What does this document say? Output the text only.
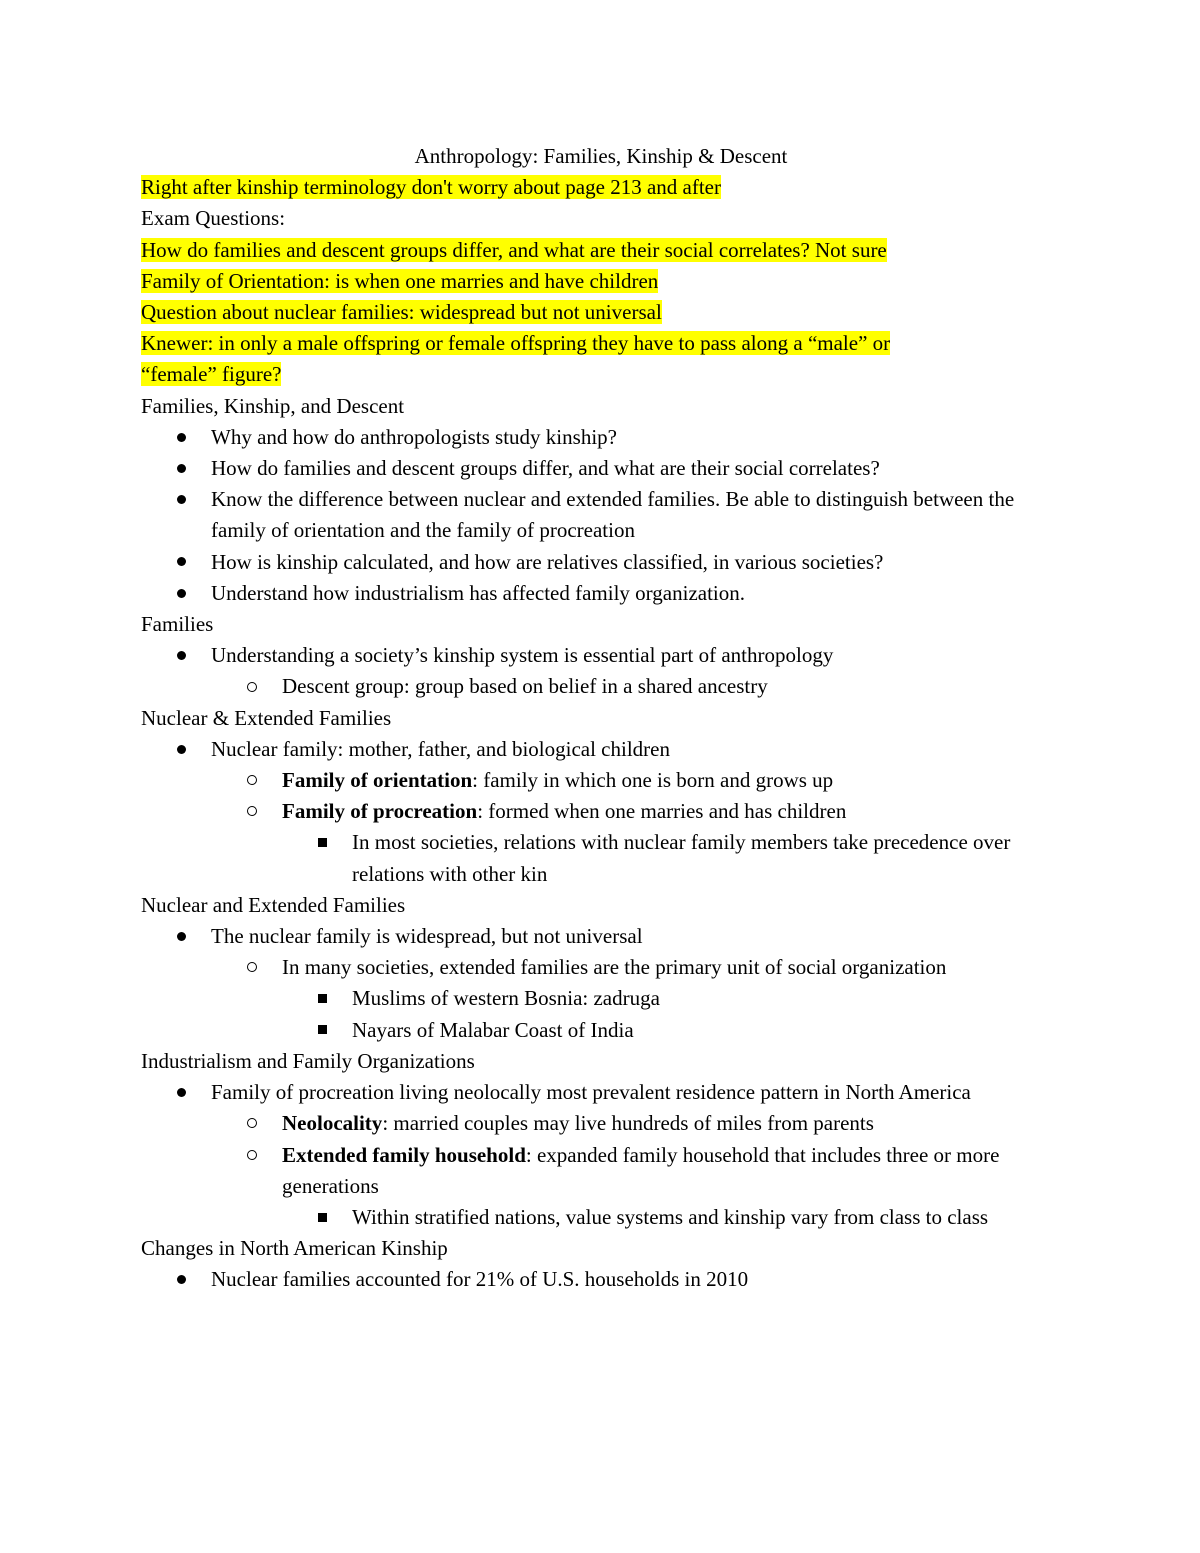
Anthropology: Families, Kinship & Descent

Right after kinship terminology don't worry about page 213 and after

Exam Questions:

How do families and descent groups differ, and what are their social correlates? Not sure

Family of Orientation: is when one marries and have children

Question about nuclear families: widespread but not universal

Knewer: in only a male offspring or female offspring they have to pass along a “male” or

“female” figure?

Families, Kinship, and Descent

Why and how do anthropologists study kinship?

How do families and descent groups differ, and what are their social correlates?

Know the difference between nuclear and extended families. Be able to distinguish between the family of orientation and the family of procreation

How is kinship calculated, and how are relatives classified, in various societies?

Understand how industrialism has affected family organization.

Families

Understanding a society’s kinship system is essential part of anthropology

Descent group: group based on belief in a shared ancestry

Nuclear & Extended Families

Nuclear family: mother, father, and biological children

Family of orientation: family in which one is born and grows up

Family of procreation: formed when one marries and has children

In most societies, relations with nuclear family members take precedence over relations with other kin

Nuclear and Extended Families

The nuclear family is widespread, but not universal

In many societies, extended families are the primary unit of social organization

Muslims of western Bosnia: zadruga

Nayars of Malabar Coast of India

Industrialism and Family Organizations

Family of procreation living neolocally most prevalent residence pattern in North America

Neolocality: married couples may live hundreds of miles from parents

Extended family household: expanded family household that includes three or more generations

Within stratified nations, value systems and kinship vary from class to class

Changes in North American Kinship

Nuclear families accounted for 21% of U.S. households in 2010
